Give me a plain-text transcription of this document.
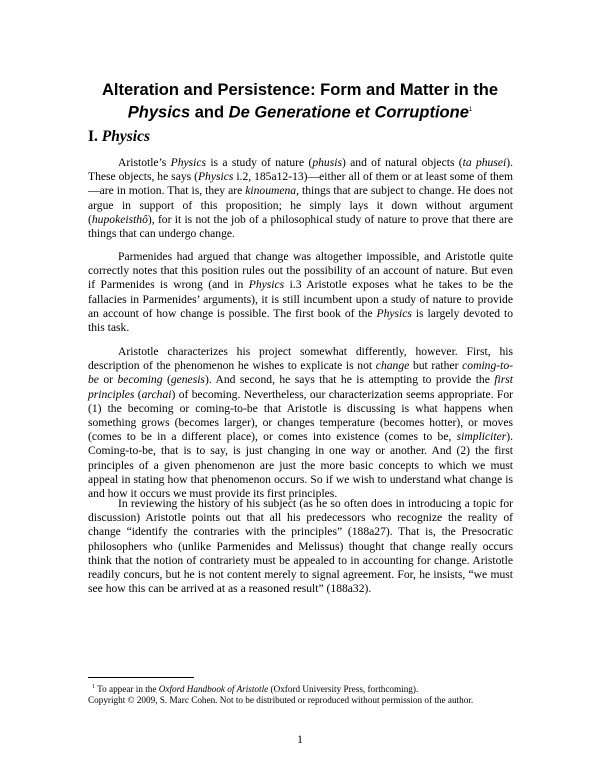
Alteration and Persistence: Form and Matter in the
Physics and De Generatione et Corruptione$^1$
I. Physics

Aristotle’s Physics is a study of nature (phusis) and of natural objects (ta phusei). These objects, he says (Physics i.2, 185a12-13)—either all of them or at least some of them—are in motion. That is, they are kinoumena, things that are subject to change. He does not argue in support of this proposition; he simply lays it down without argument (hupokeisthô), for it is not the job of a philosophical study of nature to prove that there are things that can undergo change.

Parmenides had argued that change was altogether impossible, and Aristotle quite correctly notes that this position rules out the possibility of an account of nature. But even if Parmenides is wrong (and in Physics i.3 Aristotle exposes what he takes to be the fallacies in Parmenides’ arguments), it is still incumbent upon a study of nature to provide an account of how change is possible. The first book of the Physics is largely devoted to this task.

Aristotle characterizes his project somewhat differently, however. First, his description of the phenomenon he wishes to explicate is not change but rather coming-to-be or becoming (genesis). And second, he says that he is attempting to provide the first principles (archai) of becoming. Nevertheless, our characterization seems appropriate. For (1) the becoming or coming-to-be that Aristotle is discussing is what happens when something grows (becomes larger), or changes temperature (becomes hotter), or moves (comes to be in a different place), or comes into existence (comes to be, simpliciter). Coming-to-be, that is to say, is just changing in one way or another. And (2) the first principles of a given phenomenon are just the more basic concepts to which we must appeal in stating how that phenomenon occurs. So if we wish to understand what change is and how it occurs we must provide its first principles.

In reviewing the history of his subject (as he so often does in introducing a topic for discussion) Aristotle points out that all his predecessors who recognize the reality of change “identify the contraries with the principles” (188a27). That is, the Presocratic philosophers who (unlike Parmenides and Melissus) thought that change really occurs think that the notion of contrariety must be appealed to in accounting for change. Aristotle readily concurs, but he is not content merely to signal agreement. For, he insists, “we must see how this can be arrived at as a reasoned result” (188a32).

$^1$ To appear in the Oxford Handbook of Aristotle (Oxford University Press, forthcoming).

Copyright © 2009, S. Marc Cohen. Not to be distributed or reproduced without permission of the author.

1
